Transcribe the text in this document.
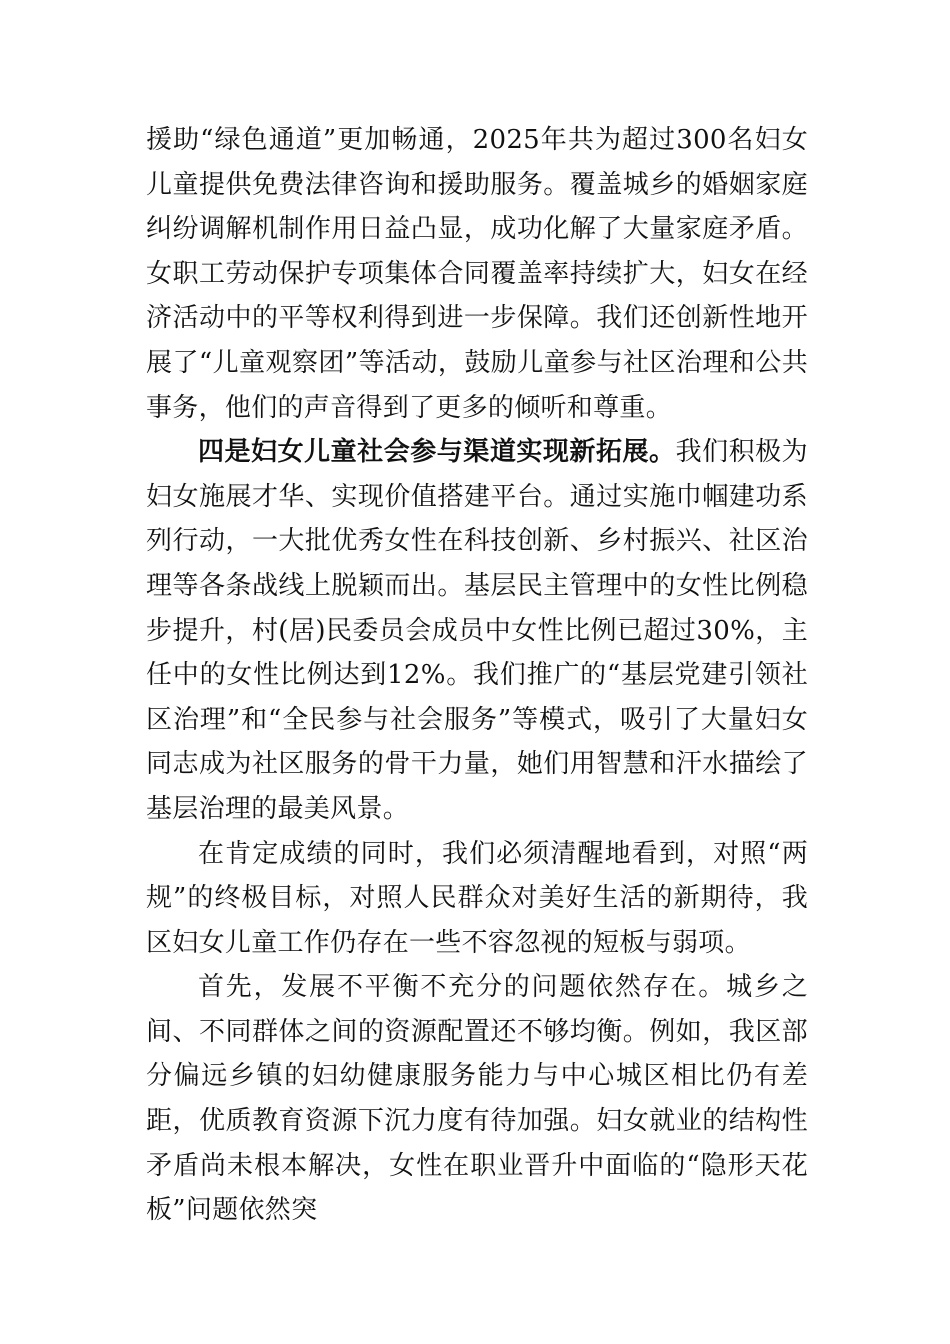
援助“绿色通道”更加畅通，2025年共为超过300名妇女儿童提供免费法律咨询和援助服务。覆盖城乡的婚姻家庭纠纷调解机制作用日益凸显，成功化解了大量家庭矛盾。女职工劳动保护专项集体合同覆盖率持续扩大，妇女在经济活动中的平等权利得到进一步保障。我们还创新性地开展了“儿童观察团”等活动，鼓励儿童参与社区治理和公共事务，他们的声音得到了更多的倾听和尊重。

四是妇女儿童社会参与渠道实现新拓展。我们积极为妇女施展才华、实现价值搭建平台。通过实施巾帼建功系列行动，一大批优秀女性在科技创新、乡村振兴、社区治理等各条战线上脱颖而出。基层民主管理中的女性比例稳步提升，村(居)民委员会成员中女性比例已超过30%，主任中的女性比例达到12%。我们推广的“基层党建引领社区治理”和“全民参与社会服务”等模式，吸引了大量妇女同志成为社区服务的骨干力量，她们用智慧和汗水描绘了基层治理的最美风景。

在肯定成绩的同时，我们必须清醒地看到，对照“两规”的终极目标，对照人民群众对美好生活的新期待，我区妇女儿童工作仍存在一些不容忽视的短板与弱项。

首先，发展不平衡不充分的问题依然存在。城乡之间、不同群体之间的资源配置还不够均衡。例如，我区部分偏远乡镇的妇幼健康服务能力与中心城区相比仍有差距，优质教育资源下沉力度有待加强。妇女就业的结构性矛盾尚未根本解决，女性在职业晋升中面临的“隐形天花板”问题依然突
